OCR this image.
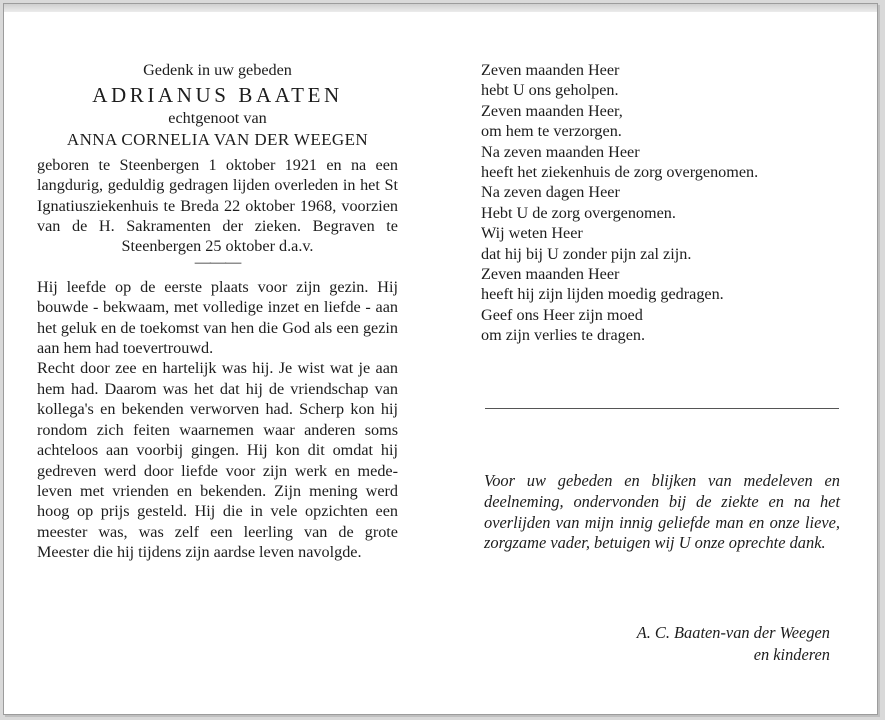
Gedenk in uw gebeden
ADRIANUS BAATEN
echtgenoot van
ANNA CORNELIA VAN DER WEEGEN
geboren te Steenbergen 1 oktober 1921 en na een langdurig, geduldig gedragen lijden overleden in het St Ignatiusziekenhuis te Breda 22 oktober 1968, voorzien van de H. Sakramenten der zieken. Begraven te Steenbergen 25 oktober d.a.v.
———

Hij leefde op de eerste plaats voor zijn gezin. Hij bouwde - bekwaam, met volledige inzet en liefde - aan het geluk en de toekomst van hen die God als een gezin aan hem had toevertrouwd.

Recht door zee en hartelijk was hij. Je wist wat je aan hem had. Daarom was het dat hij de vriendschap van kollega's en bekenden verworven had. Scherp kon hij rondom zich feiten waarnemen waar anderen soms achteloos aan voorbij gingen. Hij kon dit omdat hij gedreven werd door liefde voor zijn werk en mede-leven met vrienden en bekenden. Zijn mening werd hoog op prijs gesteld. Hij die in vele opzichten een meester was, was zelf een leerling van de grote Meester die hij tijdens zijn aardse leven navolgde.

Zeven maanden Heer
hebt U ons geholpen.
Zeven maanden Heer,
om hem te verzorgen.
Na zeven maanden Heer
heeft het ziekenhuis de zorg overgenomen.
Na zeven dagen Heer
Hebt U de zorg overgenomen.
Wij weten Heer
dat hij bij U zonder pijn zal zijn.
Zeven maanden Heer
heeft hij zijn lijden moedig gedragen.
Geef ons Heer zijn moed
om zijn verlies te dragen.
Voor uw gebeden en blijken van medeleven en deelneming, ondervonden bij de ziekte en na het overlijden van mijn innig geliefde man en onze lieve, zorgzame vader, betuigen wij U onze oprechte dank.
A. C. Baaten-van der Weegen
en kinderen
